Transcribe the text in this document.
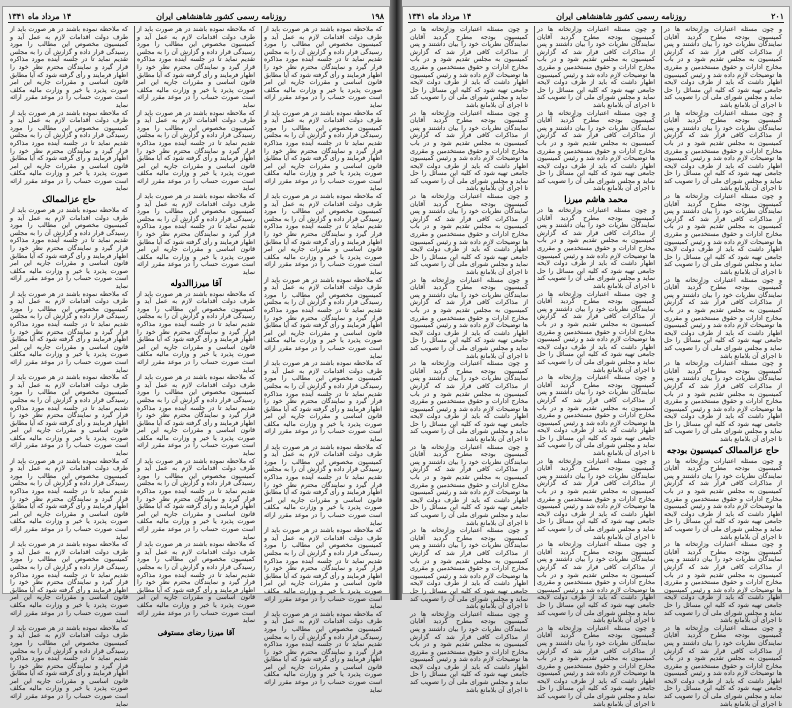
۱۹۸
روزنامه رسمی کشور شاهنشاهی ایران
۱۴ مرداد ماه ۱۳۴۱

که ملاحظه نموده باشند در هر صورت باید از طرف دولت اقدامات لازم به عمل آید و کمیسیون مخصوص این مطالب را مورد رسیدگی قرار داده و گزارش آن را به مجلس تقدیم نماید تا در جلسه آینده مورد مذاکره قرار گیرد و نمایندگان محترم نظر خود را اظهار فرمایند و رأی گرفته شود که آیا مطابق قانون اساسی و مقررات جاریه این امر صورت پذیرد یا خیر و وزارت مالیه مکلف است صورت حساب را در موعد مقرر ارائه نماید

که ملاحظه نموده باشند در هر صورت باید از طرف دولت اقدامات لازم به عمل آید و کمیسیون مخصوص این مطالب را مورد رسیدگی قرار داده و گزارش آن را به مجلس تقدیم نماید تا در جلسه آینده مورد مذاکره قرار گیرد و نمایندگان محترم نظر خود را اظهار فرمایند و رأی گرفته شود که آیا مطابق قانون اساسی و مقررات جاریه این امر صورت پذیرد یا خیر و وزارت مالیه مکلف است صورت حساب را در موعد مقرر ارائه نماید

که ملاحظه نموده باشند در هر صورت باید از طرف دولت اقدامات لازم به عمل آید و کمیسیون مخصوص این مطالب را مورد رسیدگی قرار داده و گزارش آن را به مجلس تقدیم نماید تا در جلسه آینده مورد مذاکره قرار گیرد و نمایندگان محترم نظر خود را اظهار فرمایند و رأی گرفته شود که آیا مطابق قانون اساسی و مقررات جاریه این امر صورت پذیرد یا خیر و وزارت مالیه مکلف است صورت حساب را در موعد مقرر ارائه نماید

که ملاحظه نموده باشند در هر صورت باید از طرف دولت اقدامات لازم به عمل آید و کمیسیون مخصوص این مطالب را مورد رسیدگی قرار داده و گزارش آن را به مجلس تقدیم نماید تا در جلسه آینده مورد مذاکره قرار گیرد و نمایندگان محترم نظر خود را اظهار فرمایند و رأی گرفته شود که آیا مطابق قانون اساسی و مقررات جاریه این امر صورت پذیرد یا خیر و وزارت مالیه مکلف است صورت حساب را در موعد مقرر ارائه نماید

که ملاحظه نموده باشند در هر صورت باید از طرف دولت اقدامات لازم به عمل آید و کمیسیون مخصوص این مطالب را مورد رسیدگی قرار داده و گزارش آن را به مجلس تقدیم نماید تا در جلسه آینده مورد مذاکره قرار گیرد و نمایندگان محترم نظر خود را اظهار فرمایند و رأی گرفته شود که آیا مطابق قانون اساسی و مقررات جاریه این امر صورت پذیرد یا خیر و وزارت مالیه مکلف است صورت حساب را در موعد مقرر ارائه نماید

که ملاحظه نموده باشند در هر صورت باید از طرف دولت اقدامات لازم به عمل آید و کمیسیون مخصوص این مطالب را مورد رسیدگی قرار داده و گزارش آن را به مجلس تقدیم نماید تا در جلسه آینده مورد مذاکره قرار گیرد و نمایندگان محترم نظر خود را اظهار فرمایند و رأی گرفته شود که آیا مطابق قانون اساسی و مقررات جاریه این امر صورت پذیرد یا خیر و وزارت مالیه مکلف است صورت حساب را در موعد مقرر ارائه نماید

که ملاحظه نموده باشند در هر صورت باید از طرف دولت اقدامات لازم به عمل آید و کمیسیون مخصوص این مطالب را مورد رسیدگی قرار داده و گزارش آن را به مجلس تقدیم نماید تا در جلسه آینده مورد مذاکره قرار گیرد و نمایندگان محترم نظر خود را اظهار فرمایند و رأی گرفته شود که آیا مطابق قانون اساسی و مقررات جاریه این امر صورت پذیرد یا خیر و وزارت مالیه مکلف است صورت حساب را در موعد مقرر ارائه نماید

که ملاحظه نموده باشند در هر صورت باید از طرف دولت اقدامات لازم به عمل آید و کمیسیون مخصوص این مطالب را مورد رسیدگی قرار داده و گزارش آن را به مجلس تقدیم نماید تا در جلسه آینده مورد مذاکره قرار گیرد و نمایندگان محترم نظر خود را اظهار فرمایند و رأی گرفته شود که آیا مطابق قانون اساسی و مقررات جاریه این امر صورت پذیرد یا خیر و وزارت مالیه مکلف است صورت حساب را در موعد مقرر ارائه نماید

که ملاحظه نموده باشند در هر صورت باید از طرف دولت اقدامات لازم به عمل آید و کمیسیون مخصوص این مطالب را مورد رسیدگی قرار داده و گزارش آن را به مجلس تقدیم نماید تا در جلسه آینده مورد مذاکره قرار گیرد و نمایندگان محترم نظر خود را اظهار فرمایند و رأی گرفته شود که آیا مطابق قانون اساسی و مقررات جاریه این امر صورت پذیرد یا خیر و وزارت مالیه مکلف است صورت حساب را در موعد مقرر ارائه نماید

که ملاحظه نموده باشند در هر صورت باید از طرف دولت اقدامات لازم به عمل آید و کمیسیون مخصوص این مطالب را مورد رسیدگی قرار داده و گزارش آن را به مجلس تقدیم نماید تا در جلسه آینده مورد مذاکره قرار گیرد و نمایندگان محترم نظر خود را اظهار فرمایند و رأی گرفته شود که آیا مطابق قانون اساسی و مقررات جاریه این امر صورت پذیرد یا خیر و وزارت مالیه مکلف است صورت حساب را در موعد مقرر ارائه نماید

که ملاحظه نموده باشند در هر صورت باید از طرف دولت اقدامات لازم به عمل آید و کمیسیون مخصوص این مطالب را مورد رسیدگی قرار داده و گزارش آن را به مجلس تقدیم نماید تا در جلسه آینده مورد مذاکره قرار گیرد و نمایندگان محترم نظر خود را اظهار فرمایند و رأی گرفته شود که آیا مطابق قانون اساسی و مقررات جاریه این امر صورت پذیرد یا خیر و وزارت مالیه مکلف است صورت حساب را در موعد مقرر ارائه نماید

آقا میرزاالدوله

که ملاحظه نموده باشند در هر صورت باید از طرف دولت اقدامات لازم به عمل آید و کمیسیون مخصوص این مطالب را مورد رسیدگی قرار داده و گزارش آن را به مجلس تقدیم نماید تا در جلسه آینده مورد مذاکره قرار گیرد و نمایندگان محترم نظر خود را اظهار فرمایند و رأی گرفته شود که آیا مطابق قانون اساسی و مقررات جاریه این امر صورت پذیرد یا خیر و وزارت مالیه مکلف است صورت حساب را در موعد مقرر ارائه نماید

که ملاحظه نموده باشند در هر صورت باید از طرف دولت اقدامات لازم به عمل آید و کمیسیون مخصوص این مطالب را مورد رسیدگی قرار داده و گزارش آن را به مجلس تقدیم نماید تا در جلسه آینده مورد مذاکره قرار گیرد و نمایندگان محترم نظر خود را اظهار فرمایند و رأی گرفته شود که آیا مطابق قانون اساسی و مقررات جاریه این امر صورت پذیرد یا خیر و وزارت مالیه مکلف است صورت حساب را در موعد مقرر ارائه نماید

که ملاحظه نموده باشند در هر صورت باید از طرف دولت اقدامات لازم به عمل آید و کمیسیون مخصوص این مطالب را مورد رسیدگی قرار داده و گزارش آن را به مجلس تقدیم نماید تا در جلسه آینده مورد مذاکره قرار گیرد و نمایندگان محترم نظر خود را اظهار فرمایند و رأی گرفته شود که آیا مطابق قانون اساسی و مقررات جاریه این امر صورت پذیرد یا خیر و وزارت مالیه مکلف است صورت حساب را در موعد مقرر ارائه نماید

که ملاحظه نموده باشند در هر صورت باید از طرف دولت اقدامات لازم به عمل آید و کمیسیون مخصوص این مطالب را مورد رسیدگی قرار داده و گزارش آن را به مجلس تقدیم نماید تا در جلسه آینده مورد مذاکره قرار گیرد و نمایندگان محترم نظر خود را اظهار فرمایند و رأی گرفته شود که آیا مطابق قانون اساسی و مقررات جاریه این امر صورت پذیرد یا خیر و وزارت مالیه مکلف است صورت حساب را در موعد مقرر ارائه نماید

آقا میرزا رضای مستوفی

که ملاحظه نموده باشند در هر صورت باید از طرف دولت اقدامات لازم به عمل آید و کمیسیون مخصوص این مطالب را مورد رسیدگی قرار داده و گزارش آن را به مجلس تقدیم نماید تا در جلسه آینده مورد مذاکره قرار گیرد و نمایندگان محترم نظر خود را اظهار فرمایند و رأی گرفته شود که آیا مطابق قانون اساسی و مقررات جاریه این امر صورت پذیرد یا خیر و وزارت مالیه مکلف است صورت حساب را در موعد مقرر ارائه نماید

که ملاحظه نموده باشند در هر صورت باید از طرف دولت اقدامات لازم به عمل آید و کمیسیون مخصوص این مطالب را مورد رسیدگی قرار داده و گزارش آن را به مجلس تقدیم نماید تا در جلسه آینده مورد مذاکره قرار گیرد و نمایندگان محترم نظر خود را اظهار فرمایند و رأی گرفته شود که آیا مطابق قانون اساسی و مقررات جاریه این امر صورت پذیرد یا خیر و وزارت مالیه مکلف است صورت حساب را در موعد مقرر ارائه نماید

حاج عزالممالک

که ملاحظه نموده باشند در هر صورت باید از طرف دولت اقدامات لازم به عمل آید و کمیسیون مخصوص این مطالب را مورد رسیدگی قرار داده و گزارش آن را به مجلس تقدیم نماید تا در جلسه آینده مورد مذاکره قرار گیرد و نمایندگان محترم نظر خود را اظهار فرمایند و رأی گرفته شود که آیا مطابق قانون اساسی و مقررات جاریه این امر صورت پذیرد یا خیر و وزارت مالیه مکلف است صورت حساب را در موعد مقرر ارائه نماید

که ملاحظه نموده باشند در هر صورت باید از طرف دولت اقدامات لازم به عمل آید و کمیسیون مخصوص این مطالب را مورد رسیدگی قرار داده و گزارش آن را به مجلس تقدیم نماید تا در جلسه آینده مورد مذاکره قرار گیرد و نمایندگان محترم نظر خود را اظهار فرمایند و رأی گرفته شود که آیا مطابق قانون اساسی و مقررات جاریه این امر صورت پذیرد یا خیر و وزارت مالیه مکلف است صورت حساب را در موعد مقرر ارائه نماید

که ملاحظه نموده باشند در هر صورت باید از طرف دولت اقدامات لازم به عمل آید و کمیسیون مخصوص این مطالب را مورد رسیدگی قرار داده و گزارش آن را به مجلس تقدیم نماید تا در جلسه آینده مورد مذاکره قرار گیرد و نمایندگان محترم نظر خود را اظهار فرمایند و رأی گرفته شود که آیا مطابق قانون اساسی و مقررات جاریه این امر صورت پذیرد یا خیر و وزارت مالیه مکلف است صورت حساب را در موعد مقرر ارائه نماید

که ملاحظه نموده باشند در هر صورت باید از طرف دولت اقدامات لازم به عمل آید و کمیسیون مخصوص این مطالب را مورد رسیدگی قرار داده و گزارش آن را به مجلس تقدیم نماید تا در جلسه آینده مورد مذاکره قرار گیرد و نمایندگان محترم نظر خود را اظهار فرمایند و رأی گرفته شود که آیا مطابق قانون اساسی و مقررات جاریه این امر صورت پذیرد یا خیر و وزارت مالیه مکلف است صورت حساب را در موعد مقرر ارائه نماید

که ملاحظه نموده باشند در هر صورت باید از طرف دولت اقدامات لازم به عمل آید و کمیسیون مخصوص این مطالب را مورد رسیدگی قرار داده و گزارش آن را به مجلس تقدیم نماید تا در جلسه آینده مورد مذاکره قرار گیرد و نمایندگان محترم نظر خود را اظهار فرمایند و رأی گرفته شود که آیا مطابق قانون اساسی و مقررات جاریه این امر صورت پذیرد یا خیر و وزارت مالیه مکلف است صورت حساب را در موعد مقرر ارائه نماید

که ملاحظه نموده باشند در هر صورت باید از طرف دولت اقدامات لازم به عمل آید و کمیسیون مخصوص این مطالب را مورد رسیدگی قرار داده و گزارش آن را به مجلس تقدیم نماید تا در جلسه آینده مورد مذاکره قرار گیرد و نمایندگان محترم نظر خود را اظهار فرمایند و رأی گرفته شود که آیا مطابق قانون اساسی و مقررات جاریه این امر صورت پذیرد یا خیر و وزارت مالیه مکلف است صورت حساب را در موعد مقرر ارائه نماید

۲۰۱
روزنامه رسمی کشور شاهنشاهی ایران
۱۴ مرداد ماه ۱۳۴۱

و چون مسئله اعتبارات وزارتخانه ها در کمیسیون بودجه مطرح گردید آقایان نمایندگان نظریات خود را بیان داشتند و پس از مذاکرات کافی قرار شد که گزارش کمیسیون به مجلس تقدیم شود و در باب مخارج ادارات و حقوق مستخدمین و مقرری ها توضیحات لازم داده شد و رئیس کمیسیون اظهار داشت که باید از طرف دولت لایحه جامعی تهیه شود که کلیه این مسائل را حل نماید و مجلس شورای ملی آن را تصویب کند تا اجرای آن بلامانع باشد

و چون مسئله اعتبارات وزارتخانه ها در کمیسیون بودجه مطرح گردید آقایان نمایندگان نظریات خود را بیان داشتند و پس از مذاکرات کافی قرار شد که گزارش کمیسیون به مجلس تقدیم شود و در باب مخارج ادارات و حقوق مستخدمین و مقرری ها توضیحات لازم داده شد و رئیس کمیسیون اظهار داشت که باید از طرف دولت لایحه جامعی تهیه شود که کلیه این مسائل را حل نماید و مجلس شورای ملی آن را تصویب کند تا اجرای آن بلامانع باشد

و چون مسئله اعتبارات وزارتخانه ها در کمیسیون بودجه مطرح گردید آقایان نمایندگان نظریات خود را بیان داشتند و پس از مذاکرات کافی قرار شد که گزارش کمیسیون به مجلس تقدیم شود و در باب مخارج ادارات و حقوق مستخدمین و مقرری ها توضیحات لازم داده شد و رئیس کمیسیون اظهار داشت که باید از طرف دولت لایحه جامعی تهیه شود که کلیه این مسائل را حل نماید و مجلس شورای ملی آن را تصویب کند تا اجرای آن بلامانع باشد

و چون مسئله اعتبارات وزارتخانه ها در کمیسیون بودجه مطرح گردید آقایان نمایندگان نظریات خود را بیان داشتند و پس از مذاکرات کافی قرار شد که گزارش کمیسیون به مجلس تقدیم شود و در باب مخارج ادارات و حقوق مستخدمین و مقرری ها توضیحات لازم داده شد و رئیس کمیسیون اظهار داشت که باید از طرف دولت لایحه جامعی تهیه شود که کلیه این مسائل را حل نماید و مجلس شورای ملی آن را تصویب کند تا اجرای آن بلامانع باشد

و چون مسئله اعتبارات وزارتخانه ها در کمیسیون بودجه مطرح گردید آقایان نمایندگان نظریات خود را بیان داشتند و پس از مذاکرات کافی قرار شد که گزارش کمیسیون به مجلس تقدیم شود و در باب مخارج ادارات و حقوق مستخدمین و مقرری ها توضیحات لازم داده شد و رئیس کمیسیون اظهار داشت که باید از طرف دولت لایحه جامعی تهیه شود که کلیه این مسائل را حل نماید و مجلس شورای ملی آن را تصویب کند تا اجرای آن بلامانع باشد

حاج عزالممالک کمیسیون بودجه

و چون مسئله اعتبارات وزارتخانه ها در کمیسیون بودجه مطرح گردید آقایان نمایندگان نظریات خود را بیان داشتند و پس از مذاکرات کافی قرار شد که گزارش کمیسیون به مجلس تقدیم شود و در باب مخارج ادارات و حقوق مستخدمین و مقرری ها توضیحات لازم داده شد و رئیس کمیسیون اظهار داشت که باید از طرف دولت لایحه جامعی تهیه شود که کلیه این مسائل را حل نماید و مجلس شورای ملی آن را تصویب کند تا اجرای آن بلامانع باشد

و چون مسئله اعتبارات وزارتخانه ها در کمیسیون بودجه مطرح گردید آقایان نمایندگان نظریات خود را بیان داشتند و پس از مذاکرات کافی قرار شد که گزارش کمیسیون به مجلس تقدیم شود و در باب مخارج ادارات و حقوق مستخدمین و مقرری ها توضیحات لازم داده شد و رئیس کمیسیون اظهار داشت که باید از طرف دولت لایحه جامعی تهیه شود که کلیه این مسائل را حل نماید و مجلس شورای ملی آن را تصویب کند تا اجرای آن بلامانع باشد

و چون مسئله اعتبارات وزارتخانه ها در کمیسیون بودجه مطرح گردید آقایان نمایندگان نظریات خود را بیان داشتند و پس از مذاکرات کافی قرار شد که گزارش کمیسیون به مجلس تقدیم شود و در باب مخارج ادارات و حقوق مستخدمین و مقرری ها توضیحات لازم داده شد و رئیس کمیسیون اظهار داشت که باید از طرف دولت لایحه جامعی تهیه شود که کلیه این مسائل را حل نماید و مجلس شورای ملی آن را تصویب کند تا اجرای آن بلامانع باشد

و چون مسئله اعتبارات وزارتخانه ها در کمیسیون بودجه مطرح گردید آقایان نمایندگان نظریات خود را بیان داشتند و پس از مذاکرات کافی قرار شد که گزارش کمیسیون به مجلس تقدیم شود و در باب مخارج ادارات و حقوق مستخدمین و مقرری ها توضیحات لازم داده شد و رئیس کمیسیون اظهار داشت که باید از طرف دولت لایحه جامعی تهیه شود که کلیه این مسائل را حل نماید و مجلس شورای ملی آن را تصویب کند تا اجرای آن بلامانع باشد

و چون مسئله اعتبارات وزارتخانه ها در کمیسیون بودجه مطرح گردید آقایان نمایندگان نظریات خود را بیان داشتند و پس از مذاکرات کافی قرار شد که گزارش کمیسیون به مجلس تقدیم شود و در باب مخارج ادارات و حقوق مستخدمین و مقرری ها توضیحات لازم داده شد و رئیس کمیسیون اظهار داشت که باید از طرف دولت لایحه جامعی تهیه شود که کلیه این مسائل را حل نماید و مجلس شورای ملی آن را تصویب کند تا اجرای آن بلامانع باشد

محمد هاشم میرزا

و چون مسئله اعتبارات وزارتخانه ها در کمیسیون بودجه مطرح گردید آقایان نمایندگان نظریات خود را بیان داشتند و پس از مذاکرات کافی قرار شد که گزارش کمیسیون به مجلس تقدیم شود و در باب مخارج ادارات و حقوق مستخدمین و مقرری ها توضیحات لازم داده شد و رئیس کمیسیون اظهار داشت که باید از طرف دولت لایحه جامعی تهیه شود که کلیه این مسائل را حل نماید و مجلس شورای ملی آن را تصویب کند تا اجرای آن بلامانع باشد

و چون مسئله اعتبارات وزارتخانه ها در کمیسیون بودجه مطرح گردید آقایان نمایندگان نظریات خود را بیان داشتند و پس از مذاکرات کافی قرار شد که گزارش کمیسیون به مجلس تقدیم شود و در باب مخارج ادارات و حقوق مستخدمین و مقرری ها توضیحات لازم داده شد و رئیس کمیسیون اظهار داشت که باید از طرف دولت لایحه جامعی تهیه شود که کلیه این مسائل را حل نماید و مجلس شورای ملی آن را تصویب کند تا اجرای آن بلامانع باشد

و چون مسئله اعتبارات وزارتخانه ها در کمیسیون بودجه مطرح گردید آقایان نمایندگان نظریات خود را بیان داشتند و پس از مذاکرات کافی قرار شد که گزارش کمیسیون به مجلس تقدیم شود و در باب مخارج ادارات و حقوق مستخدمین و مقرری ها توضیحات لازم داده شد و رئیس کمیسیون اظهار داشت که باید از طرف دولت لایحه جامعی تهیه شود که کلیه این مسائل را حل نماید و مجلس شورای ملی آن را تصویب کند تا اجرای آن بلامانع باشد

و چون مسئله اعتبارات وزارتخانه ها در کمیسیون بودجه مطرح گردید آقایان نمایندگان نظریات خود را بیان داشتند و پس از مذاکرات کافی قرار شد که گزارش کمیسیون به مجلس تقدیم شود و در باب مخارج ادارات و حقوق مستخدمین و مقرری ها توضیحات لازم داده شد و رئیس کمیسیون اظهار داشت که باید از طرف دولت لایحه جامعی تهیه شود که کلیه این مسائل را حل نماید و مجلس شورای ملی آن را تصویب کند تا اجرای آن بلامانع باشد

و چون مسئله اعتبارات وزارتخانه ها در کمیسیون بودجه مطرح گردید آقایان نمایندگان نظریات خود را بیان داشتند و پس از مذاکرات کافی قرار شد که گزارش کمیسیون به مجلس تقدیم شود و در باب مخارج ادارات و حقوق مستخدمین و مقرری ها توضیحات لازم داده شد و رئیس کمیسیون اظهار داشت که باید از طرف دولت لایحه جامعی تهیه شود که کلیه این مسائل را حل نماید و مجلس شورای ملی آن را تصویب کند تا اجرای آن بلامانع باشد

و چون مسئله اعتبارات وزارتخانه ها در کمیسیون بودجه مطرح گردید آقایان نمایندگان نظریات خود را بیان داشتند و پس از مذاکرات کافی قرار شد که گزارش کمیسیون به مجلس تقدیم شود و در باب مخارج ادارات و حقوق مستخدمین و مقرری ها توضیحات لازم داده شد و رئیس کمیسیون اظهار داشت که باید از طرف دولت لایحه جامعی تهیه شود که کلیه این مسائل را حل نماید و مجلس شورای ملی آن را تصویب کند تا اجرای آن بلامانع باشد

و چون مسئله اعتبارات وزارتخانه ها در کمیسیون بودجه مطرح گردید آقایان نمایندگان نظریات خود را بیان داشتند و پس از مذاکرات کافی قرار شد که گزارش کمیسیون به مجلس تقدیم شود و در باب مخارج ادارات و حقوق مستخدمین و مقرری ها توضیحات لازم داده شد و رئیس کمیسیون اظهار داشت که باید از طرف دولت لایحه جامعی تهیه شود که کلیه این مسائل را حل نماید و مجلس شورای ملی آن را تصویب کند تا اجرای آن بلامانع باشد

و چون مسئله اعتبارات وزارتخانه ها در کمیسیون بودجه مطرح گردید آقایان نمایندگان نظریات خود را بیان داشتند و پس از مذاکرات کافی قرار شد که گزارش کمیسیون به مجلس تقدیم شود و در باب مخارج ادارات و حقوق مستخدمین و مقرری ها توضیحات لازم داده شد و رئیس کمیسیون اظهار داشت که باید از طرف دولت لایحه جامعی تهیه شود که کلیه این مسائل را حل نماید و مجلس شورای ملی آن را تصویب کند تا اجرای آن بلامانع باشد

و چون مسئله اعتبارات وزارتخانه ها در کمیسیون بودجه مطرح گردید آقایان نمایندگان نظریات خود را بیان داشتند و پس از مذاکرات کافی قرار شد که گزارش کمیسیون به مجلس تقدیم شود و در باب مخارج ادارات و حقوق مستخدمین و مقرری ها توضیحات لازم داده شد و رئیس کمیسیون اظهار داشت که باید از طرف دولت لایحه جامعی تهیه شود که کلیه این مسائل را حل نماید و مجلس شورای ملی آن را تصویب کند تا اجرای آن بلامانع باشد

و چون مسئله اعتبارات وزارتخانه ها در کمیسیون بودجه مطرح گردید آقایان نمایندگان نظریات خود را بیان داشتند و پس از مذاکرات کافی قرار شد که گزارش کمیسیون به مجلس تقدیم شود و در باب مخارج ادارات و حقوق مستخدمین و مقرری ها توضیحات لازم داده شد و رئیس کمیسیون اظهار داشت که باید از طرف دولت لایحه جامعی تهیه شود که کلیه این مسائل را حل نماید و مجلس شورای ملی آن را تصویب کند تا اجرای آن بلامانع باشد

و چون مسئله اعتبارات وزارتخانه ها در کمیسیون بودجه مطرح گردید آقایان نمایندگان نظریات خود را بیان داشتند و پس از مذاکرات کافی قرار شد که گزارش کمیسیون به مجلس تقدیم شود و در باب مخارج ادارات و حقوق مستخدمین و مقرری ها توضیحات لازم داده شد و رئیس کمیسیون اظهار داشت که باید از طرف دولت لایحه جامعی تهیه شود که کلیه این مسائل را حل نماید و مجلس شورای ملی آن را تصویب کند تا اجرای آن بلامانع باشد

و چون مسئله اعتبارات وزارتخانه ها در کمیسیون بودجه مطرح گردید آقایان نمایندگان نظریات خود را بیان داشتند و پس از مذاکرات کافی قرار شد که گزارش کمیسیون به مجلس تقدیم شود و در باب مخارج ادارات و حقوق مستخدمین و مقرری ها توضیحات لازم داده شد و رئیس کمیسیون اظهار داشت که باید از طرف دولت لایحه جامعی تهیه شود که کلیه این مسائل را حل نماید و مجلس شورای ملی آن را تصویب کند تا اجرای آن بلامانع باشد

و چون مسئله اعتبارات وزارتخانه ها در کمیسیون بودجه مطرح گردید آقایان نمایندگان نظریات خود را بیان داشتند و پس از مذاکرات کافی قرار شد که گزارش کمیسیون به مجلس تقدیم شود و در باب مخارج ادارات و حقوق مستخدمین و مقرری ها توضیحات لازم داده شد و رئیس کمیسیون اظهار داشت که باید از طرف دولت لایحه جامعی تهیه شود که کلیه این مسائل را حل نماید و مجلس شورای ملی آن را تصویب کند تا اجرای آن بلامانع باشد

و چون مسئله اعتبارات وزارتخانه ها در کمیسیون بودجه مطرح گردید آقایان نمایندگان نظریات خود را بیان داشتند و پس از مذاکرات کافی قرار شد که گزارش کمیسیون به مجلس تقدیم شود و در باب مخارج ادارات و حقوق مستخدمین و مقرری ها توضیحات لازم داده شد و رئیس کمیسیون اظهار داشت که باید از طرف دولت لایحه جامعی تهیه شود که کلیه این مسائل را حل نماید و مجلس شورای ملی آن را تصویب کند تا اجرای آن بلامانع باشد
